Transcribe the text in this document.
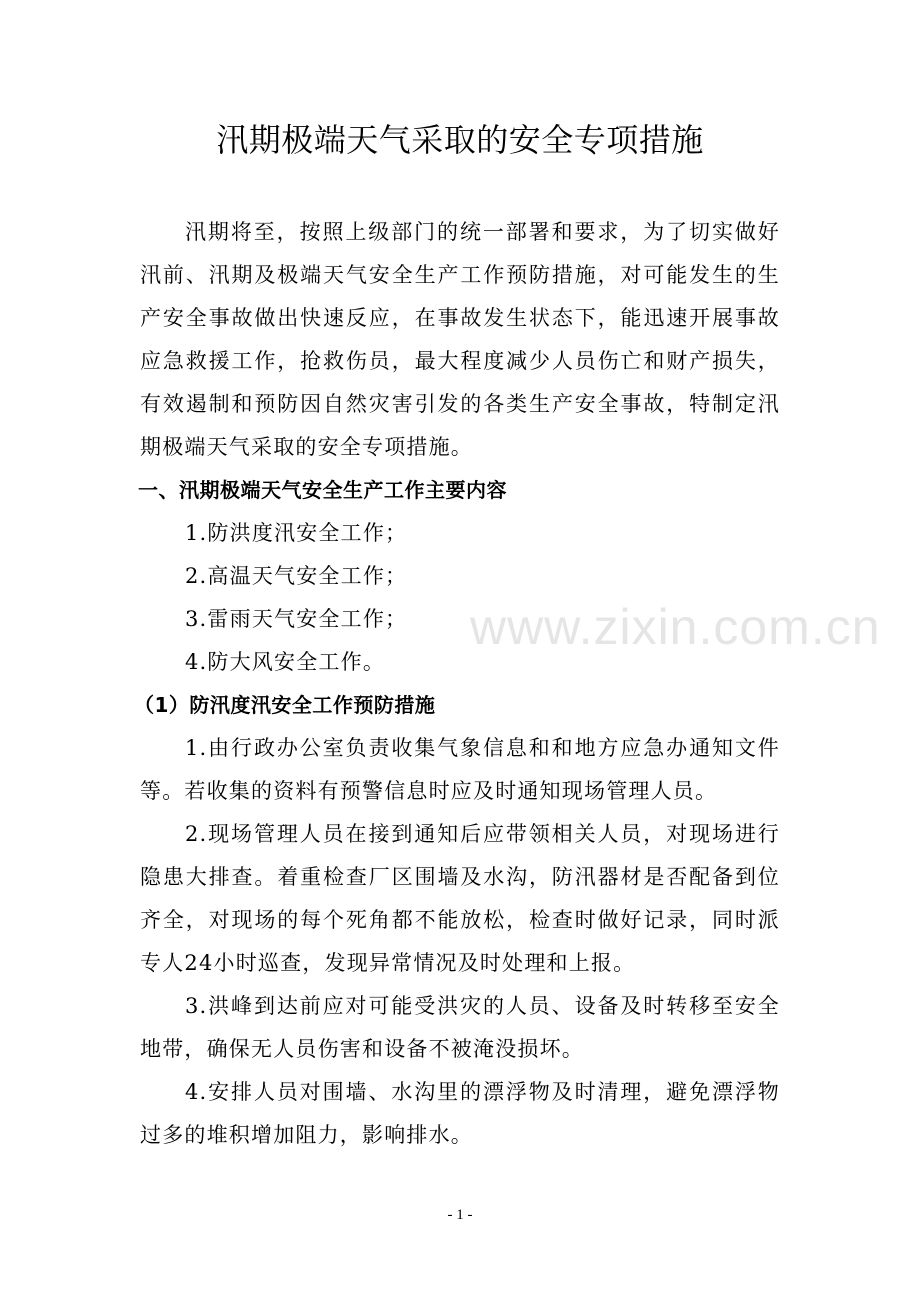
汛期极端天气采取的安全专项措施

汛期将至，按照上级部门的统一部署和要求，为了切实做好汛前、汛期及极端天气安全生产工作预防措施，对可能发生的生产安全事故做出快速反应，在事故发生状态下，能迅速开展事故应急救援工作，抢救伤员，最大程度减少人员伤亡和财产损失，有效遏制和预防因自然灾害引发的各类生产安全事故，特制定汛期极端天气采取的安全专项措施。

一、汛期极端天气安全生产工作主要内容

1.防洪度汛安全工作；

2.高温天气安全工作；

3.雷雨天气安全工作；

4.防大风安全工作。

（1）防汛度汛安全工作预防措施

1.由行政办公室负责收集气象信息和和地方应急办通知文件等。若收集的资料有预警信息时应及时通知现场管理人员。

2.现场管理人员在接到通知后应带领相关人员，对现场进行隐患大排查。着重检查厂区围墙及水沟，防汛器材是否配备到位齐全，对现场的每个死角都不能放松，检查时做好记录，同时派专人24小时巡查，发现异常情况及时处理和上报。

3.洪峰到达前应对可能受洪灾的人员、设备及时转移至安全地带，确保无人员伤害和设备不被淹没损坏。

4.安排人员对围墙、水沟里的漂浮物及时清理，避免漂浮物过多的堆积增加阻力，影响排水。

www.zixin.com.cn
- 1 -
